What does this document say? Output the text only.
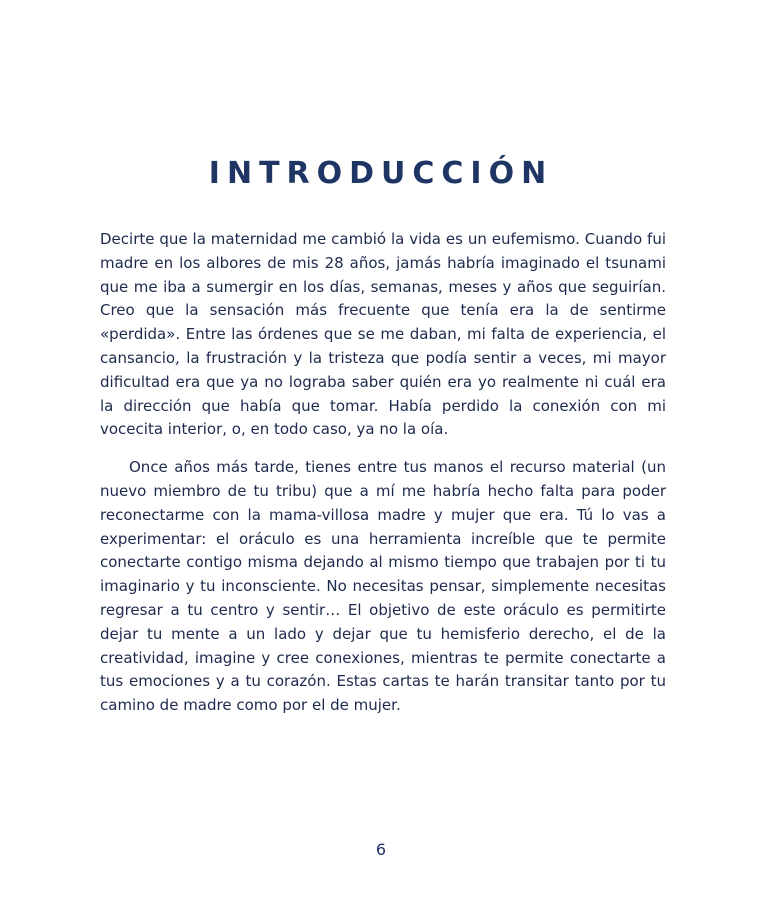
INTRODUCCIÓN

Decirte que la maternidad me cambió la vida es un eufemismo. Cuando fui madre en los albores de mis 28 años, jamás habría imaginado el tsunami que me iba a sumergir en los días, semanas, meses y años que seguirían. Creo que la sensación más frecuente que tenía era la de sentirme «perdida». Entre las órdenes que se me daban, mi falta de experiencia, el cansancio, la frustración y la tristeza que podía sentir a veces, mi mayor dificultad era que ya no lograba saber quién era yo realmente ni cuál era la dirección que había que tomar. Había perdido la conexión con mi vocecita interior, o, en todo caso, ya no la oía.

Once años más tarde, tienes entre tus manos el recurso material (un nuevo miembro de tu tribu) que a mí me habría hecho falta para poder reconectarme con la mama-villosa madre y mujer que era. Tú lo vas a experimentar: el oráculo es una herramienta increíble que te permite conectarte contigo misma dejando al mismo tiempo que trabajen por ti tu imaginario y tu inconsciente. No necesitas pensar, simplemente necesitas regresar a tu centro y sentir… El objetivo de este oráculo es permitirte dejar tu mente a un lado y dejar que tu hemisferio derecho, el de la creatividad, imagine y cree conexiones, mientras te permite conectarte a tus emociones y a tu corazón. Estas cartas te harán transitar tanto por tu camino de madre como por el de mujer.

6
